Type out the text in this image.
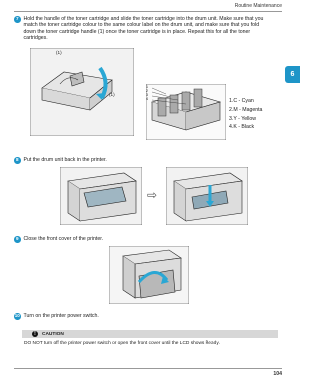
Routine Maintenance
6
7 Hold the handle of the toner cartridge and slide the toner cartridge into the drum unit. Make sure that you match the toner cartridge colour to the same colour label on the drum unit, and make sure that you fold down the toner cartridge handle (1) once the toner cartridge is in place. Repeat this for all the toner cartridges.
(1)
(1)
1
2
3
4	1.C - Cyan
2.M - Magenta
3.Y - Yellow
4.K - Black
8 Put the drum unit back in the printer.
⇨
9 Close the front cover of the printer.
10 Turn on the printer power switch.
!	CAUTION
DO NOT turn off the printer power switch or open the front cover until the LCD shows Ready.
104
